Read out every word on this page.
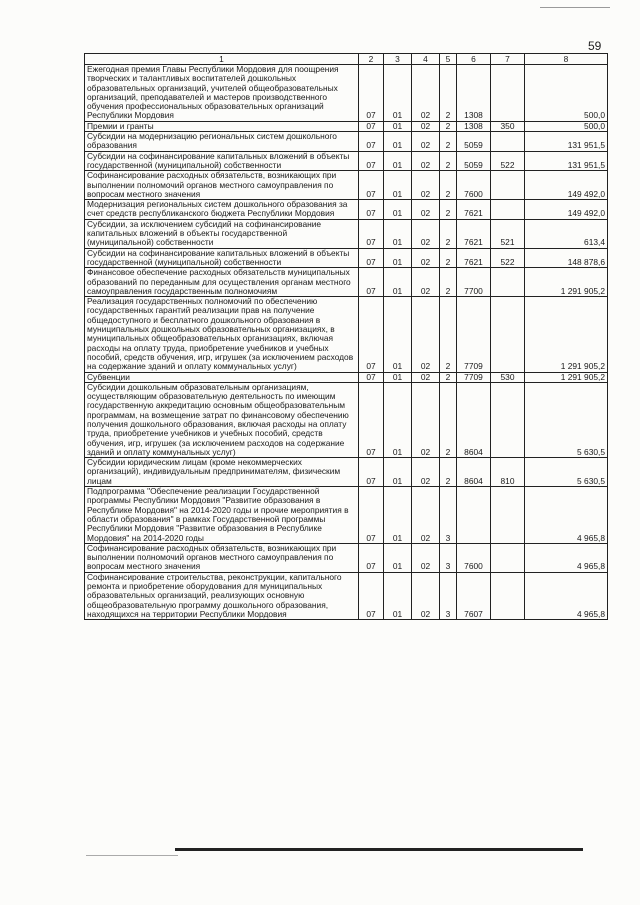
59
1	2	3	4	5	6	7	8
Ежегодная премия Главы Республики Мордовия для поощрения творческих и талантливых воспитателей дошкольных образовательных организаций, учителей общеобразовательных организаций, преподавателей и мастеров производственного обучения профессиональных образовательных организаций Республики Мордовия	07	01	02	2	1308		500,0
Премии и гранты	07	01	02	2	1308	350	500,0
Субсидии на модернизацию региональных систем дошкольного образования	07	01	02	2	5059		131 951,5
Субсидии на софинансирование капитальных вложений в объекты государственной (муниципальной) собственности	07	01	02	2	5059	522	131 951,5
Софинансирование расходных обязательств, возникающих при выполнении полномочий органов местного самоуправления по вопросам местного значения	07	01	02	2	7600		149 492,0
Модернизация региональных систем дошкольного образования за счет средств республиканского бюджета Республики Мордовия	07	01	02	2	7621		149 492,0
Субсидии, за исключением субсидий на софинансирование капитальных вложений в объекты государственной (муниципальной) собственности	07	01	02	2	7621	521	613,4
Субсидии на софинансирование капитальных вложений в объекты государственной (муниципальной) собственности	07	01	02	2	7621	522	148 878,6
Финансовое обеспечение расходных обязательств муниципальных образований по переданным для осуществления органам местного самоуправления государственным полномочиям	07	01	02	2	7700		1 291 905,2
Реализация государственных полномочий по обеспечению государственных гарантий реализации прав на получение общедоступного и бесплатного дошкольного образования в муниципальных дошкольных образовательных организациях, в муниципальных общеобразовательных организациях, включая расходы на оплату труда, приобретение учебников и учебных пособий, средств обучения, игр, игрушек (за исключением расходов на содержание зданий и оплату коммунальных услуг)	07	01	02	2	7709		1 291 905,2
Субвенции	07	01	02	2	7709	530	1 291 905,2
Субсидии дошкольным образовательным организациям, осуществляющим образовательную деятельность по имеющим государственную аккредитацию основным общеобразовательным программам, на возмещение затрат по финансовому обеспечению получения дошкольного образования, включая расходы на оплату труда, приобретение учебников и учебных пособий, средств обучения, игр, игрушек (за исключением расходов на содержание зданий и оплату коммунальных услуг)	07	01	02	2	8604		5 630,5
Субсидии юридическим лицам (кроме некоммерческих организаций), индивидуальным предпринимателям, физическим лицам	07	01	02	2	8604	810	5 630,5
Подпрограмма "Обеспечение реализации Государственной программы Республики Мордовия "Развитие образования в Республике Мордовия" на 2014-2020 годы и прочие мероприятия в области образования" в рамках Государственной программы Республики Мордовия "Развитие образования в Республике Мордовия" на 2014-2020 годы	07	01	02	3			4 965,8
Софинансирование расходных обязательств, возникающих при выполнении полномочий органов местного самоуправления по вопросам местного значения	07	01	02	3	7600		4 965,8
Софинансирование строительства, реконструкции, капитального ремонта и приобретение оборудования для муниципальных образовательных организаций, реализующих основную общеобразовательную программу дошкольного образования, находящихся на территории Республики Мордовия	07	01	02	3	7607		4 965,8
